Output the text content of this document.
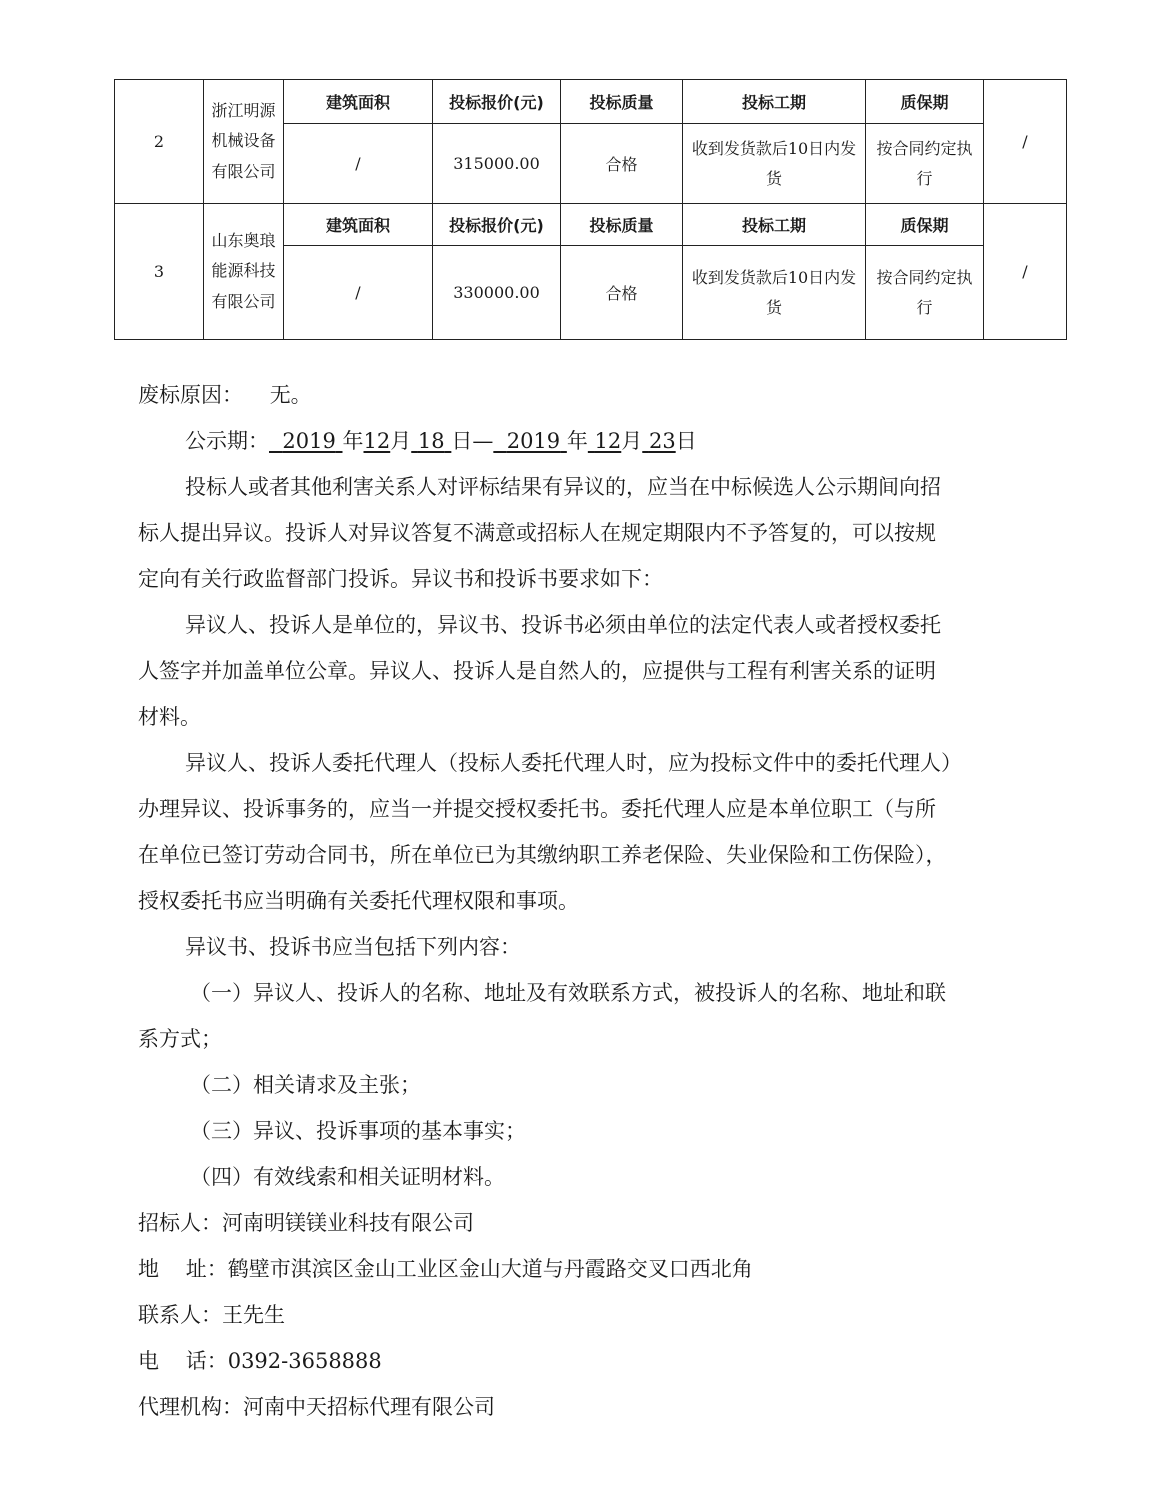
2	浙江明源机械设备有限公司	建筑面积	投标报价(元)	投标质量	投标工期	质保期	/
		/	315000.00	合格	收到发货款后10日内发货	按合同约定执行	
3	山东奥琅能源科技有限公司	建筑面积	投标报价(元)	投标质量	投标工期	质保期	/
		/	330000.00	合格	收到发货款后10日内发货	按合同约定执行	
废标原因： 无。
公示期： 2019 年12月 18 日— 2019 年 12月 23日
投标人或者其他利害关系人对评标结果有异议的，应当在中标候选人公示期间向招
标人提出异议。投诉人对异议答复不满意或招标人在规定期限内不予答复的，可以按规
定向有关行政监督部门投诉。异议书和投诉书要求如下：
异议人、投诉人是单位的，异议书、投诉书必须由单位的法定代表人或者授权委托
人签字并加盖单位公章。异议人、投诉人是自然人的，应提供与工程有利害关系的证明
材料。
异议人、投诉人委托代理人（投标人委托代理人时，应为投标文件中的委托代理人）
办理异议、投诉事务的，应当一并提交授权委托书。委托代理人应是本单位职工（与所
在单位已签订劳动合同书，所在单位已为其缴纳职工养老保险、失业保险和工伤保险），
授权委托书应当明确有关委托代理权限和事项。
异议书、投诉书应当包括下列内容：
（一）异议人、投诉人的名称、地址及有效联系方式，被投诉人的名称、地址和联
系方式；
（二）相关请求及主张；
（三）异议、投诉事项的基本事实；
（四）有效线索和相关证明材料。
招标人：河南明镁镁业科技有限公司
地    址：鹤壁市淇滨区金山工业区金山大道与丹霞路交叉口西北角
联系人：王先生
电    话：0392-3658888
代理机构：河南中天招标代理有限公司
